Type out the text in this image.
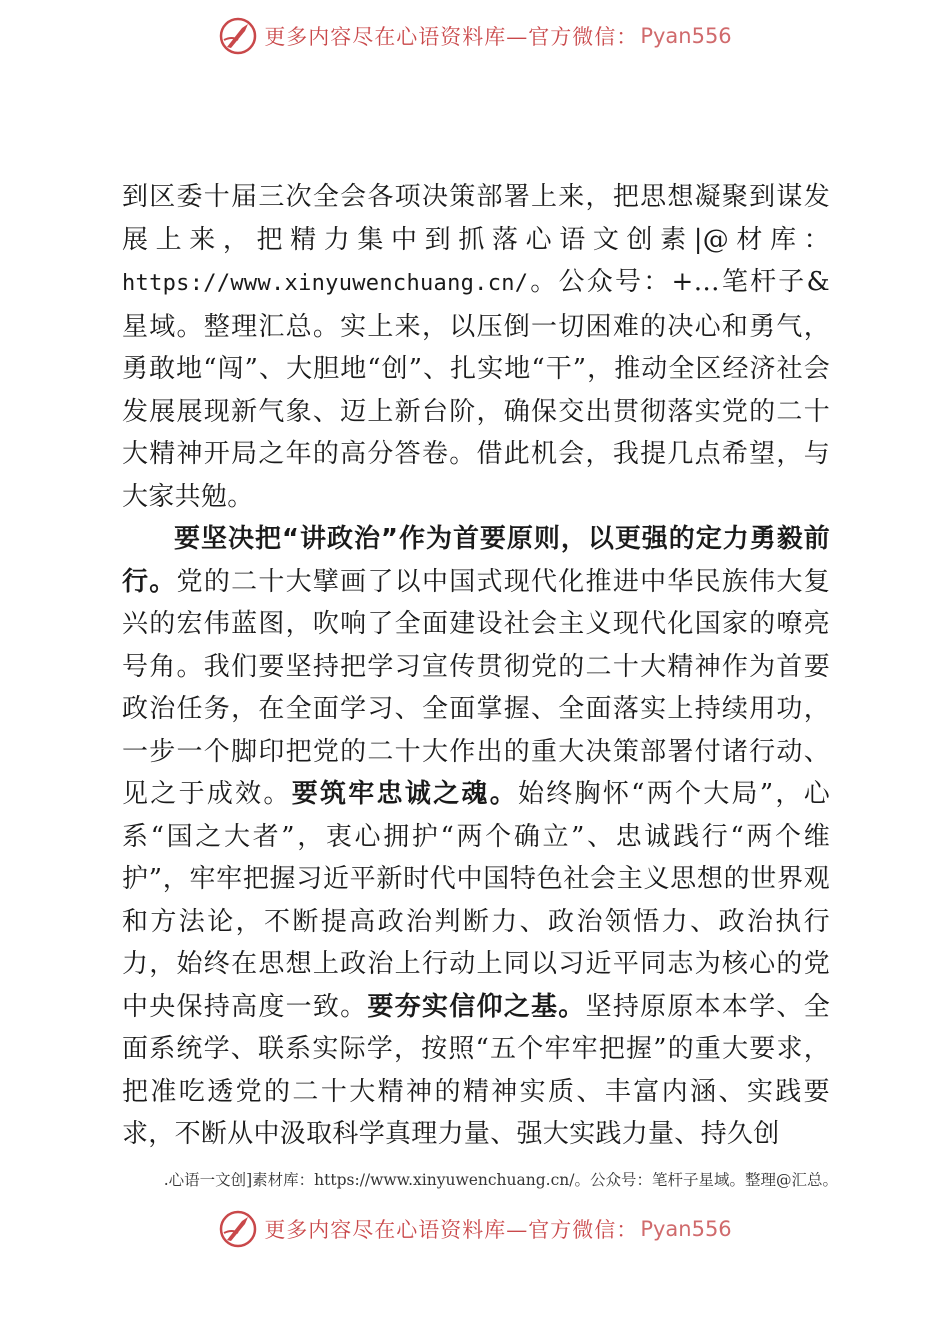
更多内容尽在心语资料库—官方微信： Pyan556

到区委十届三次全会各项决策部署上来，把思想凝聚到谋发展上来，把精力集中到抓落心语文创素|@材库：https://www.xinyuwenchuang.cn/。公众号：+…笔杆子&星域。整理汇总。实上来，以压倒一切困难的决心和勇气，勇敢地“闯”、大胆地“创”、扎实地“干”，推动全区经济社会发展展现新气象、迈上新台阶，确保交出贯彻落实党的二十大精神开局之年的高分答卷。借此机会，我提几点希望，与大家共勉。

要坚决把“讲政治”作为首要原则，以更强的定力勇毅前行。党的二十大擘画了以中国式现代化推进中华民族伟大复兴的宏伟蓝图，吹响了全面建设社会主义现代化国家的嘹亮号角。我们要坚持把学习宣传贯彻党的二十大精神作为首要政治任务，在全面学习、全面掌握、全面落实上持续用功，一步一个脚印把党的二十大作出的重大决策部署付诸行动、见之于成效。要筑牢忠诚之魂。始终胸怀“两个大局”，心系“国之大者”，衷心拥护“两个确立”、忠诚践行“两个维护”，牢牢把握习近平新时代中国特色社会主义思想的世界观和方法论，不断提高政治判断力、政治领悟力、政治执行力，始终在思想上政治上行动上同以习近平同志为核心的党中央保持高度一致。要夯实信仰之基。坚持原原本本学、全面系统学、联系实际学，按照“五个牢牢把握”的重大要求，把准吃透党的二十大精神的精神实质、丰富内涵、实践要求，不断从中汲取科学真理力量、强大实践力量、持久创

.心语一文创]素材库：https://www.xinyuwenchuang.cn/。公众号：笔杆子星域。整理@汇总。
更多内容尽在心语资料库—官方微信： Pyan556
